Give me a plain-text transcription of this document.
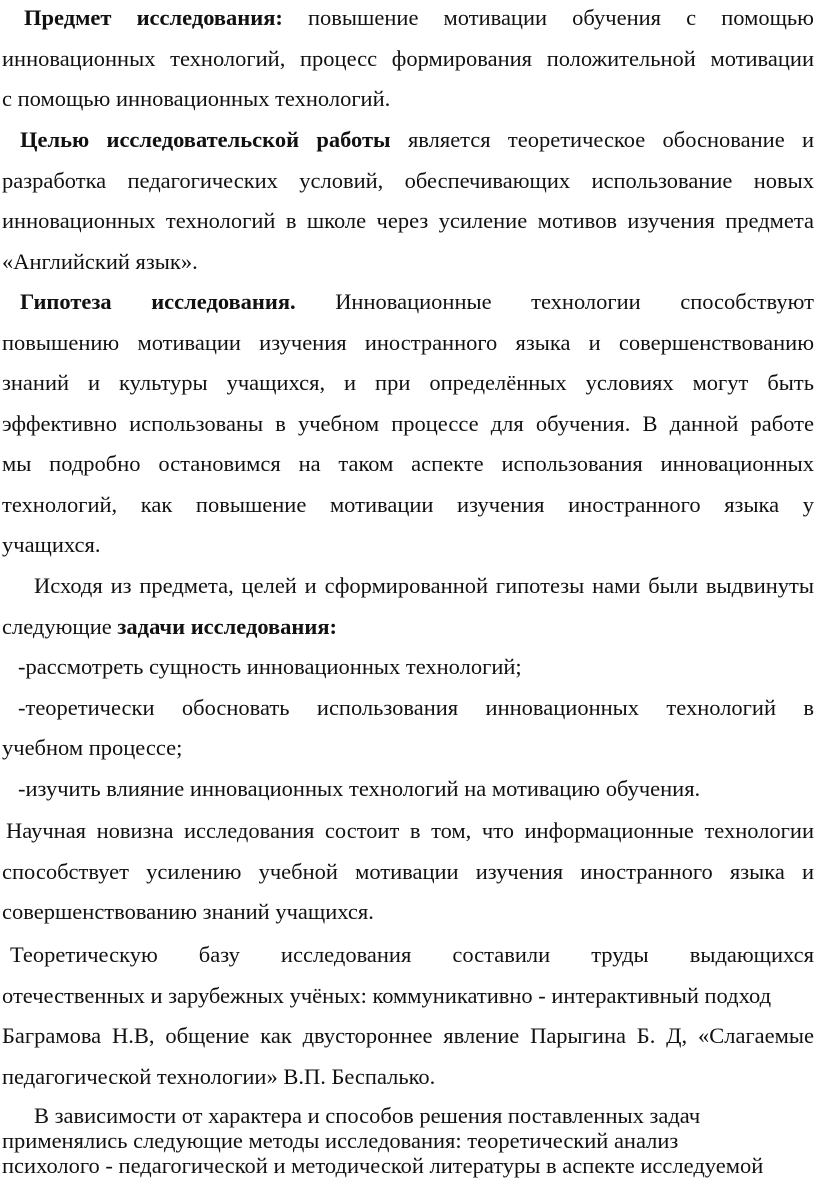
Предмет исследования: повышение мотивации обучения с помощью
инновационных технологий, процесс формирования положительной мотивации
с помощью инновационных технологий.
Целью исследовательской работы является теоретическое обоснование и
разработка педагогических условий, обеспечивающих использование новых
инновационных технологий в школе через усиление мотивов изучения предмета
«Английский язык».
Гипотеза исследования. Инновационные технологии способствуют
повышению мотивации изучения иностранного языка и совершенствованию
знаний и культуры учащихся, и при определённых условиях могут быть
эффективно использованы в учебном процессе для обучения. В данной работе
мы подробно остановимся на таком аспекте использования инновационных
технологий, как повышение мотивации изучения иностранного языка у
учащихся.
Исходя из предмета, целей и сформированной гипотезы нами были выдвинуты
следующие задачи исследования:
-рассмотреть сущность инновационных технологий;
-теоретически обосновать использования инновационных технологий в
учебном процессе;
-изучить влияние инновационных технологий на мотивацию обучения.
Научная новизна исследования состоит в том, что информационные технологии
способствует усилению учебной мотивации изучения иностранного языка и
совершенствованию знаний учащихся.
Теоретическую базу исследования составили труды выдающихся
отечественных и зарубежных учёных: коммуникативно - интерактивный подход
Баграмова Н.В, общение как двустороннее явление Парыгина Б. Д, «Слагаемые
педагогической технологии» В.П. Беспалько.
В зависимости от характера и способов решения поставленных задач
применялись следующие методы исследования: теоретический анализ
психолого - педагогической и методической литературы в аспекте исследуемой
